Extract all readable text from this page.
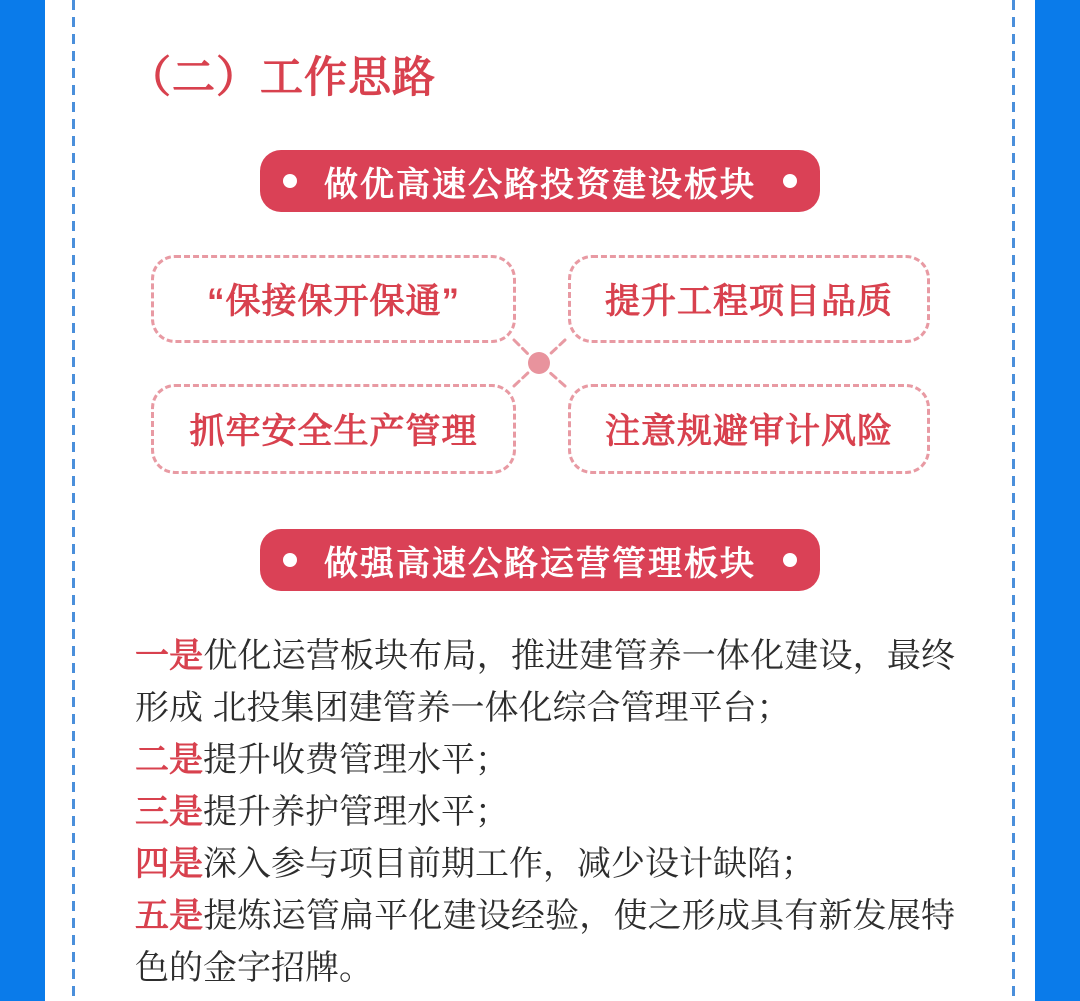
（二）工作思路
做优高速公路投资建设板块
“保接保开保通”	提升工程项目品质
抓牢安全生产管理	注意规避审计风险
做强高速公路运营管理板块

一是优化运营板块布局，推进建管养一体化建设，最终形成 北投集团建管养一体化综合管理平台；

二是提升收费管理水平；

三是提升养护管理水平；

四是深入参与项目前期工作，减少设计缺陷；

五是提炼运管扁平化建设经验，使之形成具有新发展特色的金字招牌。
